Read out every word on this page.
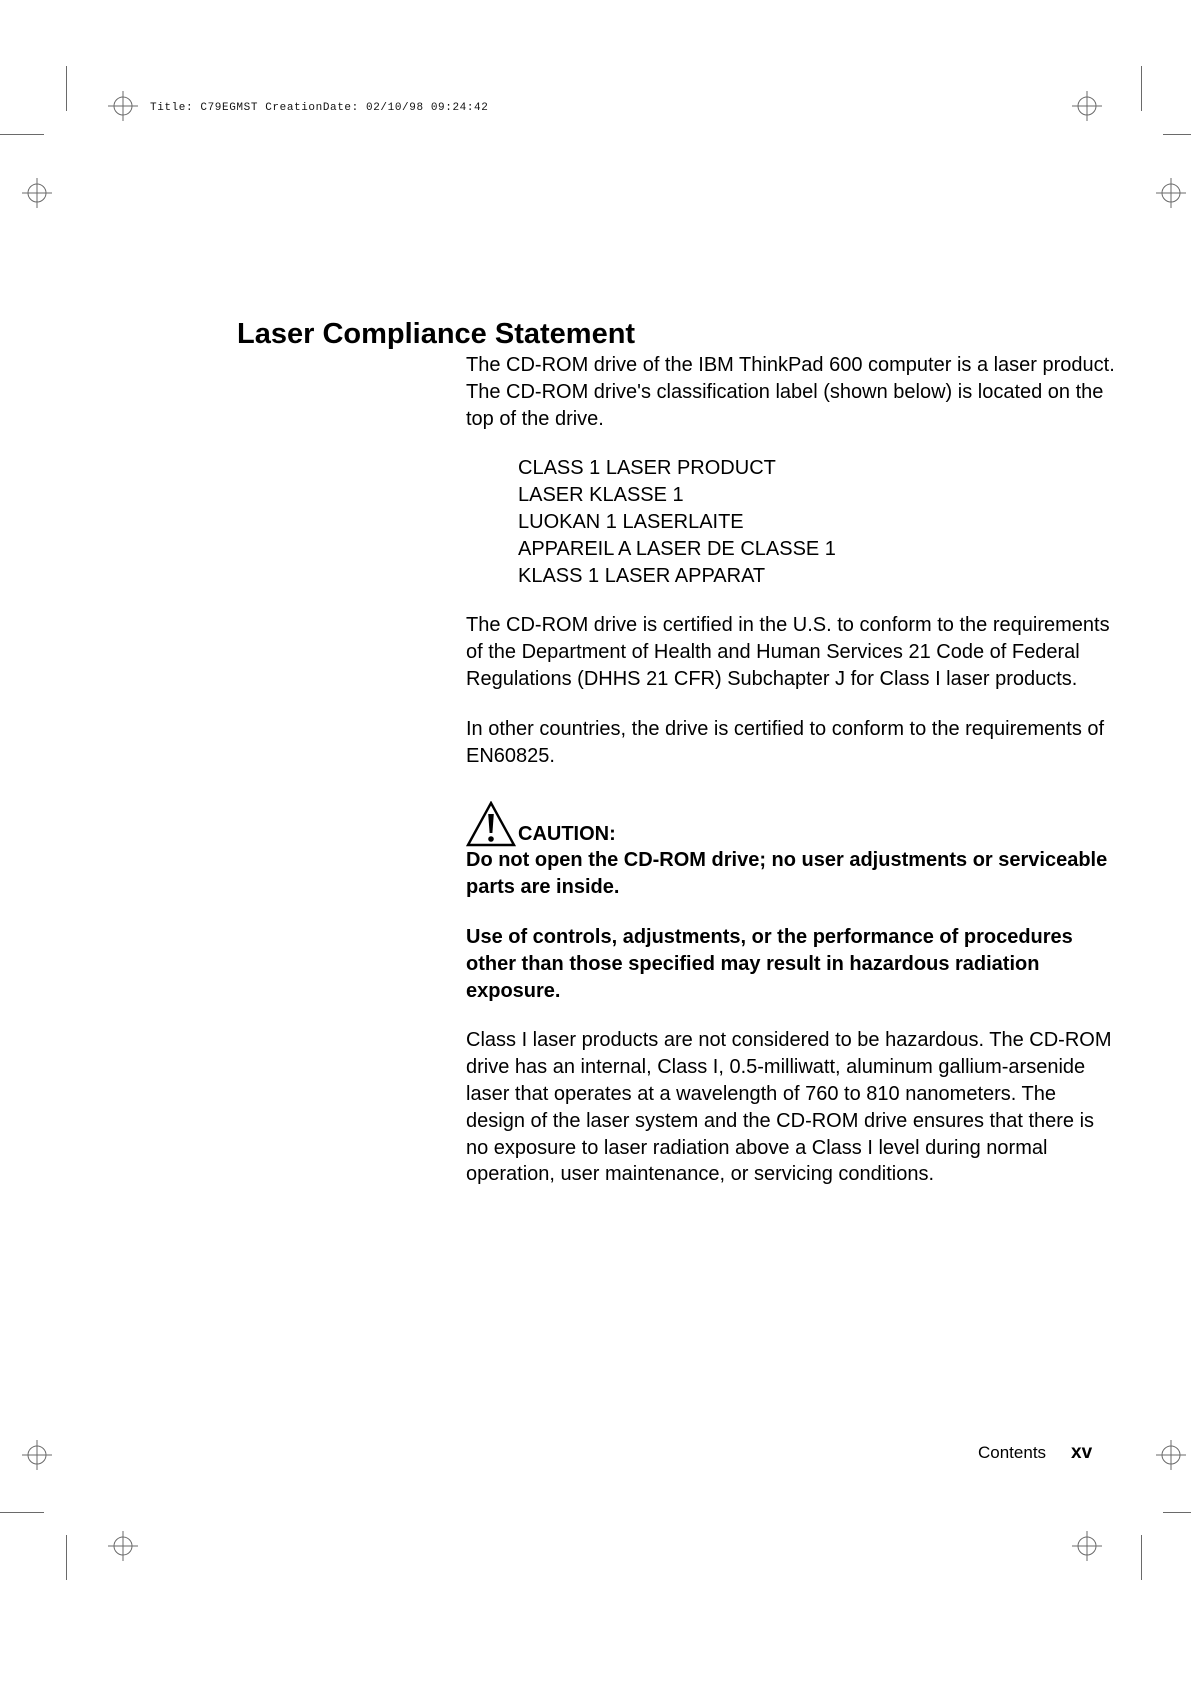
Title: C79EGMST CreationDate: 02/10/98 09:24:42
Laser Compliance Statement

The CD-ROM drive of the IBM ThinkPad 600 computer is a laser product. The CD-ROM drive's classification label (shown below) is located on the top of the drive.

CLASS 1 LASER PRODUCT
LASER KLASSE 1
LUOKAN 1 LASERLAITE
APPAREIL A LASER DE CLASSE 1
KLASS 1 LASER APPARAT

The CD-ROM drive is certified in the U.S. to conform to the requirements of the Department of Health and Human Services 21 Code of Federal Regulations (DHHS 21 CFR) Subchapter J for Class I laser products.

In other countries, the drive is certified to conform to the requirements of EN60825.

CAUTION:

Do not open the CD-ROM drive; no user adjustments or serviceable parts are inside.

Use of controls, adjustments, or the performance of procedures other than those specified may result in hazardous radiation exposure.

Class I laser products are not considered to be hazardous. The CD-ROM drive has an internal, Class I, 0.5-milliwatt, aluminum gallium-arsenide laser that operates at a wavelength of 760 to 810 nanometers. The design of the laser system and the CD-ROM drive ensures that there is no exposure to laser radiation above a Class I level during normal operation, user maintenance, or servicing conditions.

Contents xv
